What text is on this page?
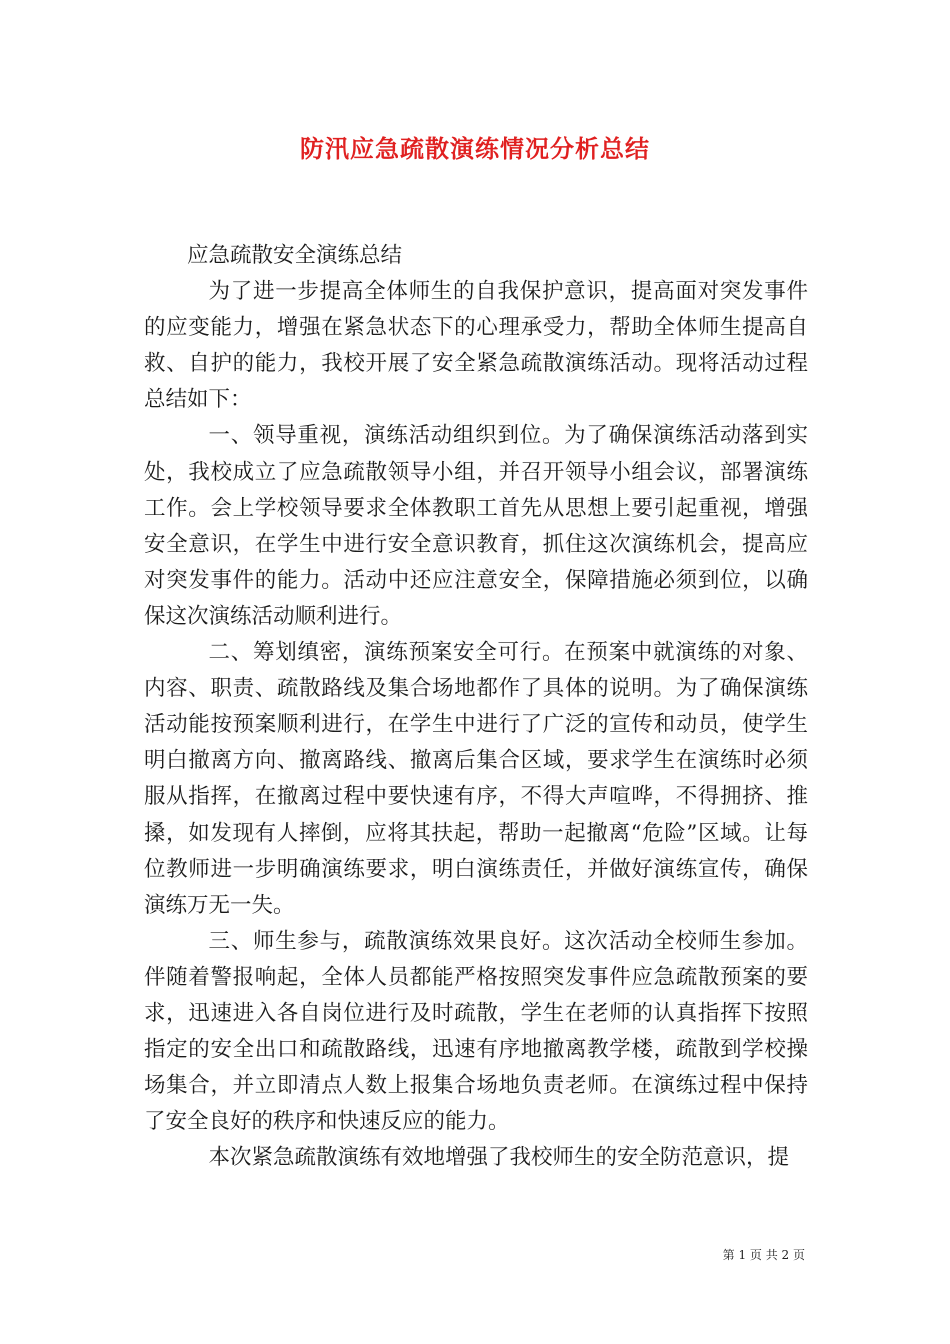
防汛应急疏散演练情况分析总结

应急疏散安全演练总结

为了进一步提高全体师生的自我保护意识，提高面对突发事件的应变能力，增强在紧急状态下的心理承受力，帮助全体师生提高自救、自护的能力，我校开展了安全紧急疏散演练活动。现将活动过程总结如下：

一、领导重视，演练活动组织到位。为了确保演练活动落到实处，我校成立了应急疏散领导小组，并召开领导小组会议，部署演练工作。会上学校领导要求全体教职工首先从思想上要引起重视，增强安全意识，在学生中进行安全意识教育，抓住这次演练机会，提高应对突发事件的能力。活动中还应注意安全，保障措施必须到位，以确保这次演练活动顺利进行。

二、筹划缜密，演练预案安全可行。在预案中就演练的对象、内容、职责、疏散路线及集合场地都作了具体的说明。为了确保演练活动能按预案顺利进行，在学生中进行了广泛的宣传和动员，使学生明白撤离方向、撤离路线、撤离后集合区域，要求学生在演练时必须服从指挥，在撤离过程中要快速有序，不得大声喧哗，不得拥挤、推搡，如发现有人摔倒，应将其扶起，帮助一起撤离“危险”区域。让每位教师进一步明确演练要求，明白演练责任，并做好演练宣传，确保演练万无一失。

三、师生参与，疏散演练效果良好。这次活动全校师生参加。伴随着警报响起，全体人员都能严格按照突发事件应急疏散预案的要求，迅速进入各自岗位进行及时疏散，学生在老师的认真指挥下按照指定的安全出口和疏散路线，迅速有序地撤离教学楼，疏散到学校操场集合，并立即清点人数上报集合场地负责老师。在演练过程中保持了安全良好的秩序和快速反应的能力。

本次紧急疏散演练有效地增强了我校师生的安全防范意识，提

第 1 页 共 2 页
